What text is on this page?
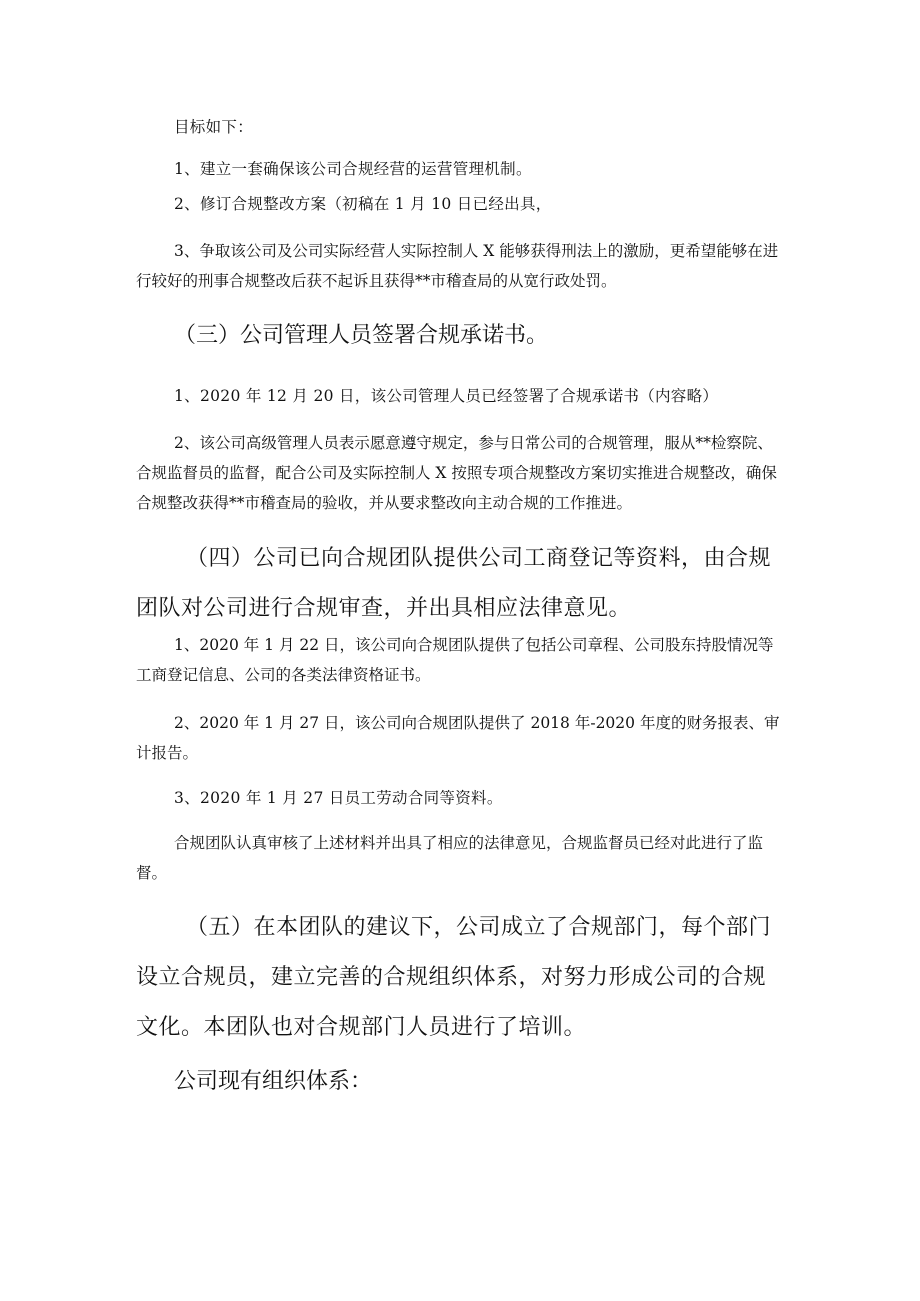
目标如下：

1、建立一套确保该公司合规经营的运营管理机制。

2、修订合规整改方案（初稿在 1 月 10 日已经出具，

3、争取该公司及公司实际经营人实际控制人 X 能够获得刑法上的激励，更希望能够在进行较好的刑事合规整改后获不起诉且获得**市稽查局的从宽行政处罚。

（三）公司管理人员签署合规承诺书。

1、2020 年 12 月 20 日，该公司管理人员已经签署了合规承诺书（内容略）

2、该公司高级管理人员表示愿意遵守规定，参与日常公司的合规管理，服从**检察院、合规监督员的监督，配合公司及实际控制人 X 按照专项合规整改方案切实推进合规整改，确保合规整改获得**市稽查局的验收，并从要求整改向主动合规的工作推进。

（四）公司已向合规团队提供公司工商登记等资料，由合规团队对公司进行合规审查，并出具相应法律意见。

1、2020 年 1 月 22 日，该公司向合规团队提供了包括公司章程、公司股东持股情况等工商登记信息、公司的各类法律资格证书。

2、2020 年 1 月 27 日，该公司向合规团队提供了 2018 年-2020 年度的财务报表、审计报告。

3、2020 年 1 月 27 日员工劳动合同等资料。

合规团队认真审核了上述材料并出具了相应的法律意见，合规监督员已经对此进行了监督。

（五）在本团队的建议下，公司成立了合规部门，每个部门设立合规员，建立完善的合规组织体系，对努力形成公司的合规文化。本团队也对合规部门人员进行了培训。

公司现有组织体系：
